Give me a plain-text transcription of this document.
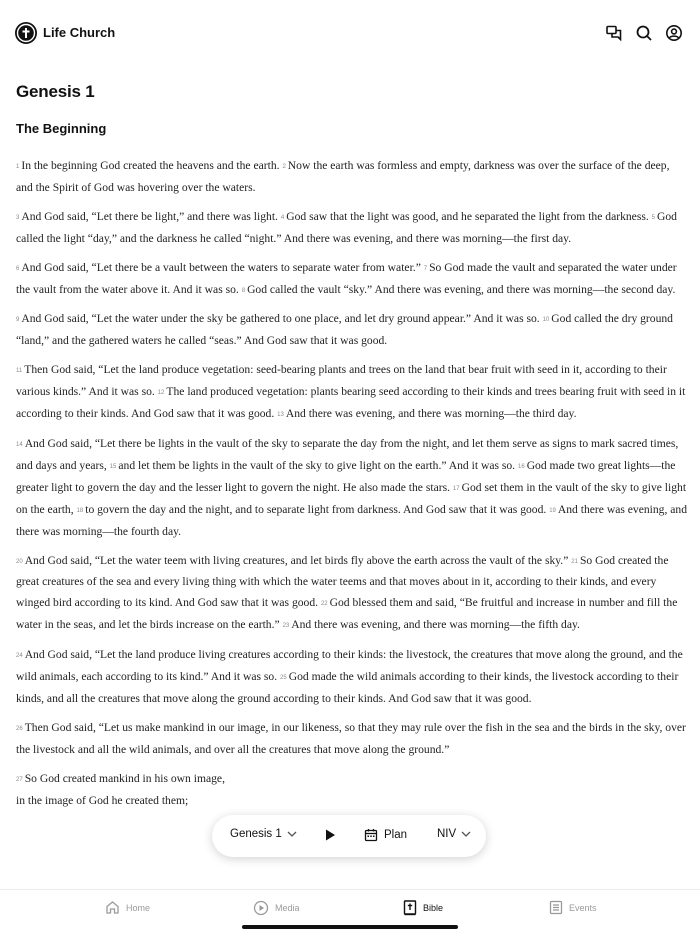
Life Church
Genesis 1
The Beginning

1 In the beginning God created the heavens and the earth. 2 Now the earth was formless and empty, darkness was over the surface of the deep, and the Spirit of God was hovering over the waters.

3 And God said, “Let there be light,” and there was light. 4 God saw that the light was good, and he separated the light from the darkness. 5 God called the light “day,” and the darkness he called “night.” And there was evening, and there was morning—the first day.

6 And God said, “Let there be a vault between the waters to separate water from water.” 7 So God made the vault and separated the water under the vault from the water above it. And it was so. 8 God called the vault “sky.” And there was evening, and there was morning—the second day.

9 And God said, “Let the water under the sky be gathered to one place, and let dry ground appear.” And it was so. 10 God called the dry ground “land,” and the gathered waters he called “seas.” And God saw that it was good.

11 Then God said, “Let the land produce vegetation: seed-bearing plants and trees on the land that bear fruit with seed in it, according to their various kinds.” And it was so. 12 The land produced vegetation: plants bearing seed according to their kinds and trees bearing fruit with seed in it according to their kinds. And God saw that it was good. 13 And there was evening, and there was morning—the third day.

14 And God said, “Let there be lights in the vault of the sky to separate the day from the night, and let them serve as signs to mark sacred times, and days and years, 15 and let them be lights in the vault of the sky to give light on the earth.” And it was so. 16 God made two great lights—the greater light to govern the day and the lesser light to govern the night. He also made the stars. 17 God set them in the vault of the sky to give light on the earth, 18 to govern the day and the night, and to separate light from darkness. And God saw that it was good. 19 And there was evening, and there was morning—the fourth day.

20 And God said, “Let the water teem with living creatures, and let birds fly above the earth across the vault of the sky.” 21 So God created the great creatures of the sea and every living thing with which the water teems and that moves about in it, according to their kinds, and every winged bird according to its kind. And God saw that it was good. 22 God blessed them and said, “Be fruitful and increase in number and fill the water in the seas, and let the birds increase on the earth.” 23 And there was evening, and there was morning—the fifth day.

24 And God said, “Let the land produce living creatures according to their kinds: the livestock, the creatures that move along the ground, and the wild animals, each according to its kind.” And it was so. 25 God made the wild animals according to their kinds, the livestock according to their kinds, and all the creatures that move along the ground according to their kinds. And God saw that it was good.

26 Then God said, “Let us make mankind in our image, in our likeness, so that they may rule over the fish in the sea and the birds in the sky, over the livestock and all the wild animals, and over all the creatures that move along the ground.”

27 So God created mankind in his own image,
in the image of God he created them;
Genesis 1	Plan	NIV
Home	Media	Bible	Events
